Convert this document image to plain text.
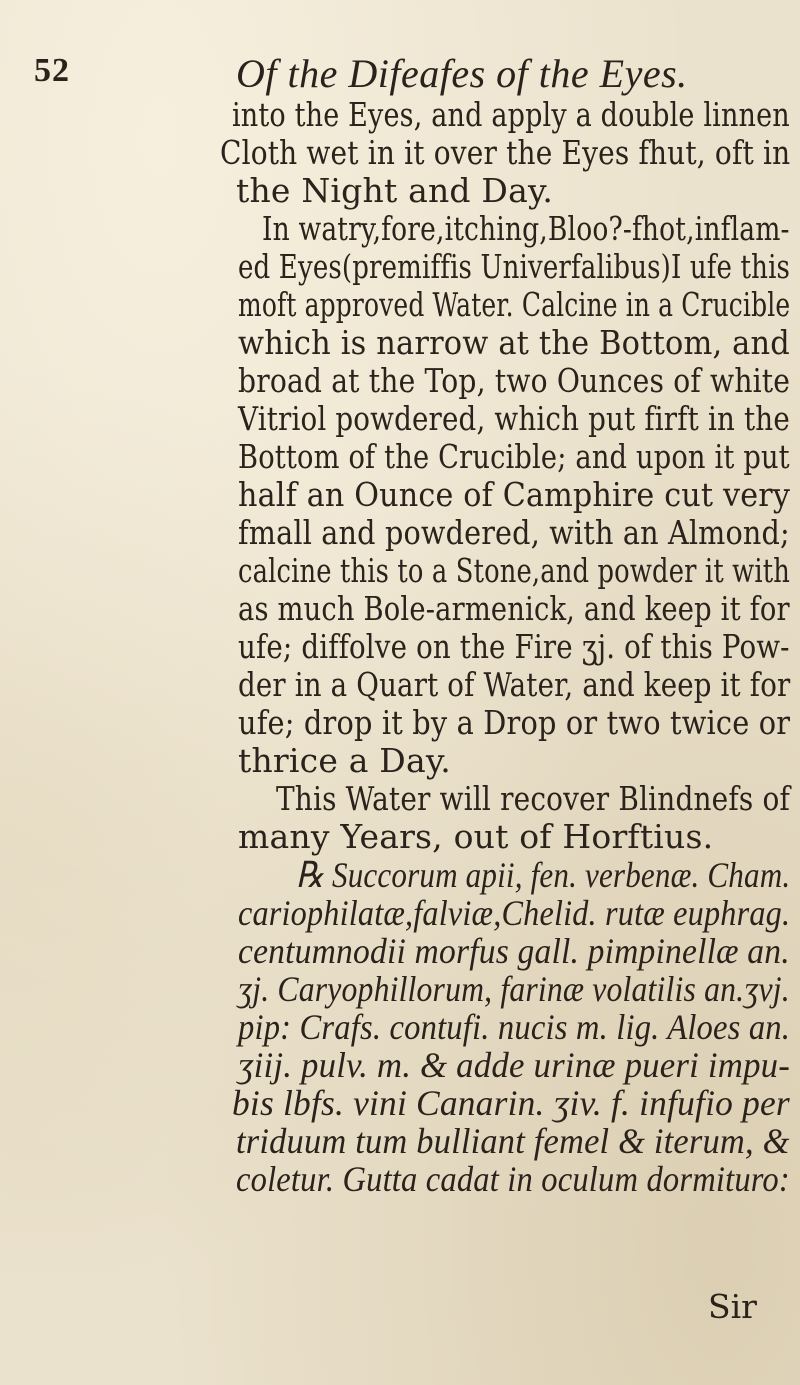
52	Of the Difeafes of the Eyes.
into the Eyes, and apply a double linnen
Cloth wet in it over the Eyes fhut, oft in
the Night and Day.
In watry,fore,itching,Bloo?-fhot,inflam-
ed Eyes(premiffis Univerfalibus)I ufe this
moft approved Water. Calcine in a Crucible
which is narrow at the Bottom, and
broad at the Top, two Ounces of white
Vitriol powdered, which put firft in the
Bottom of the Crucible; and upon it put
half an Ounce of Camphire cut very
fmall and powdered, with an Almond;
calcine this to a Stone,and powder it with
as much Bole-armenick, and keep it for
ufe; diffolve on the Fire ʒj. of this Pow-
der in a Quart of Water, and keep it for
ufe; drop it by a Drop or two twice or
thrice a Day.
This Water will recover Blindnefs of
many Years, out of Horftius.
℞ Succorum apii, fen. verbenæ. Cham.
cariophilatæ,falviæ,Chelid. rutæ euphrag.
centumnodii morfus gall. pimpinellæ an.
ʒj. Caryophillorum, farinæ volatilis an.ʒvj.
pip: Crafs. contufi. nucis m. lig. Aloes an.
ʒiij. pulv. m. & adde urinæ pueri impu-
bis lbfs. vini Canarin. ʒiv. f. infufio per
triduum tum bulliant femel & iterum, &
coletur. Gutta cadat in oculum dormituro:
Sir
